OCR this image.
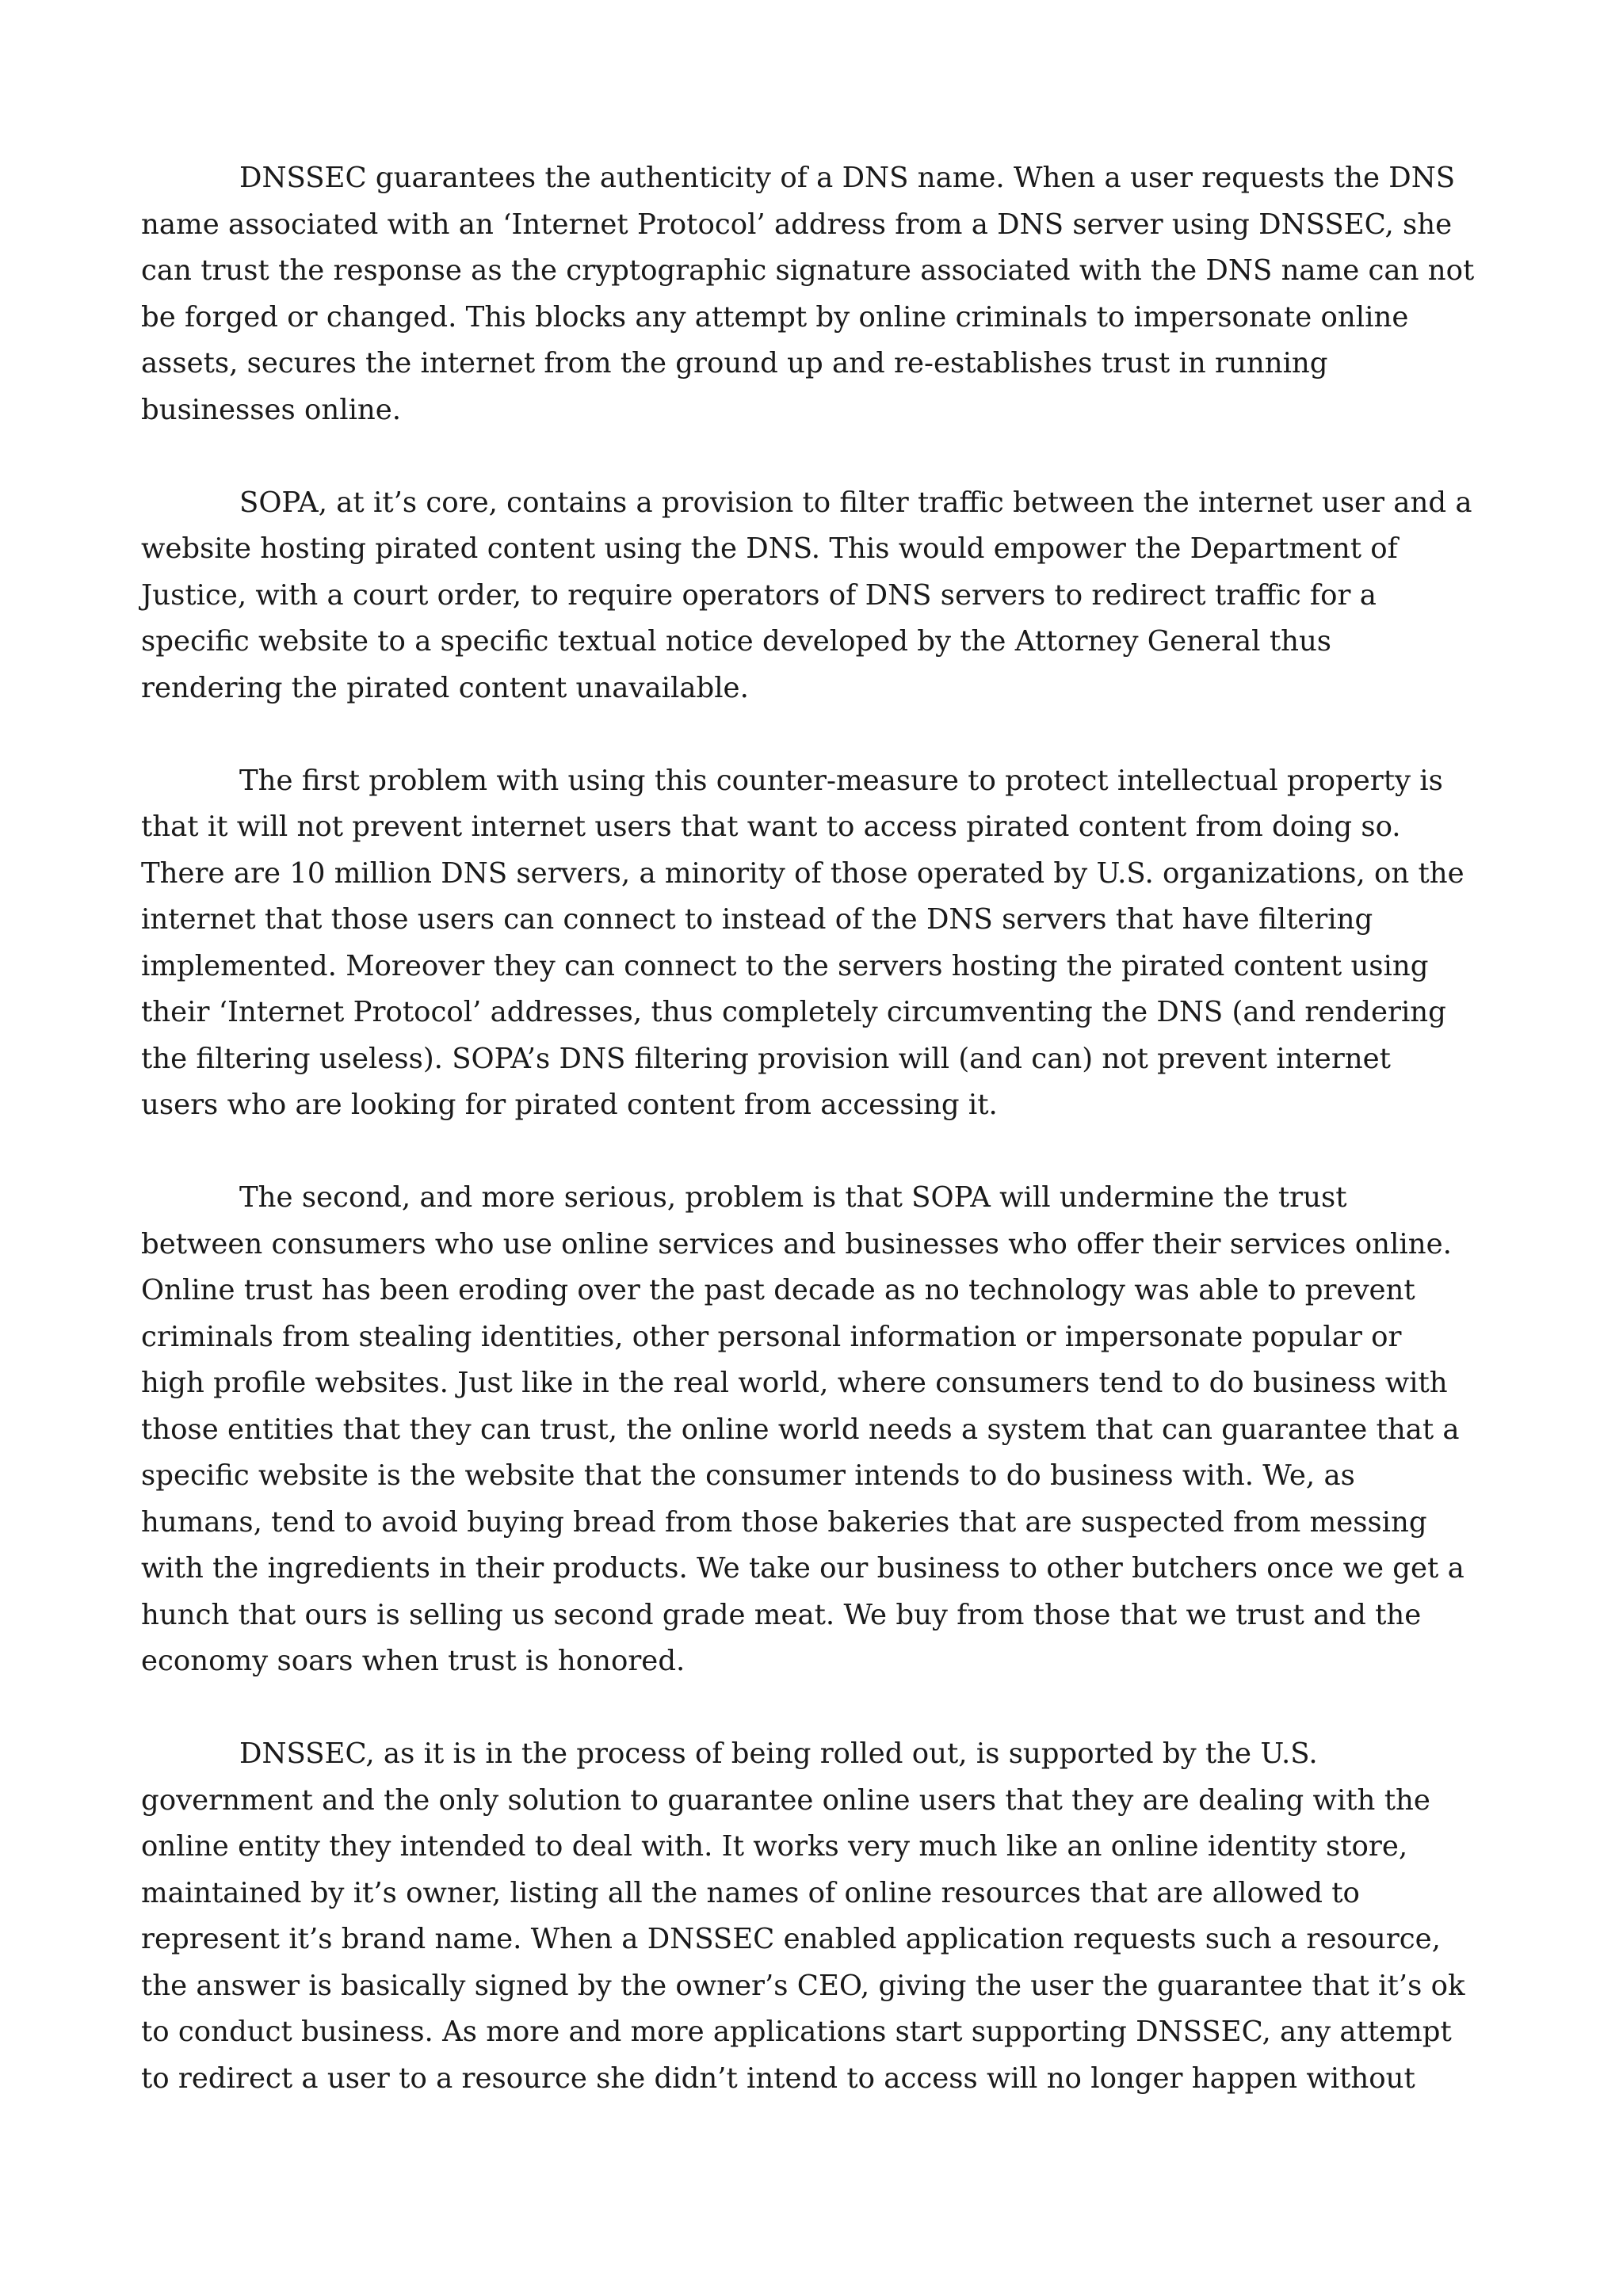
DNSSEC guarantees the authenticity of a DNS name. When a user requests the DNS
name associated with an ‘Internet Protocol’ address from a DNS server using DNSSEC, she
can trust the response as the cryptographic signature associated with the DNS name can not
be forged or changed. This blocks any attempt by online criminals to impersonate online
assets, secures the internet from the ground up and re-establishes trust in running
businesses online.

SOPA, at it’s core, contains a provision to filter traffic between the internet user and a
website hosting pirated content using the DNS. This would empower the Department of
Justice, with a court order, to require operators of DNS servers to redirect traffic for a
specific website to a specific textual notice developed by the Attorney General thus
rendering the pirated content unavailable.

The first problem with using this counter-measure to protect intellectual property is
that it will not prevent internet users that want to access pirated content from doing so.
There are 10 million DNS servers, a minority of those operated by U.S. organizations, on the
internet that those users can connect to instead of the DNS servers that have filtering
implemented. Moreover they can connect to the servers hosting the pirated content using
their ‘Internet Protocol’ addresses, thus completely circumventing the DNS (and rendering
the filtering useless). SOPA’s DNS filtering provision will (and can) not prevent internet
users who are looking for pirated content from accessing it.

The second, and more serious, problem is that SOPA will undermine the trust
between consumers who use online services and businesses who offer their services online.
Online trust has been eroding over the past decade as no technology was able to prevent
criminals from stealing identities, other personal information or impersonate popular or
high profile websites. Just like in the real world, where consumers tend to do business with
those entities that they can trust, the online world needs a system that can guarantee that a
specific website is the website that the consumer intends to do business with. We, as
humans, tend to avoid buying bread from those bakeries that are suspected from messing
with the ingredients in their products. We take our business to other butchers once we get a
hunch that ours is selling us second grade meat. We buy from those that we trust and the
economy soars when trust is honored.

DNSSEC, as it is in the process of being rolled out, is supported by the U.S.
government and the only solution to guarantee online users that they are dealing with the
online entity they intended to deal with. It works very much like an online identity store,
maintained by it’s owner, listing all the names of online resources that are allowed to
represent it’s brand name. When a DNSSEC enabled application requests such a resource,
the answer is basically signed by the owner’s CEO, giving the user the guarantee that it’s ok
to conduct business. As more and more applications start supporting DNSSEC, any attempt
to redirect a user to a resource she didn’t intend to access will no longer happen without
